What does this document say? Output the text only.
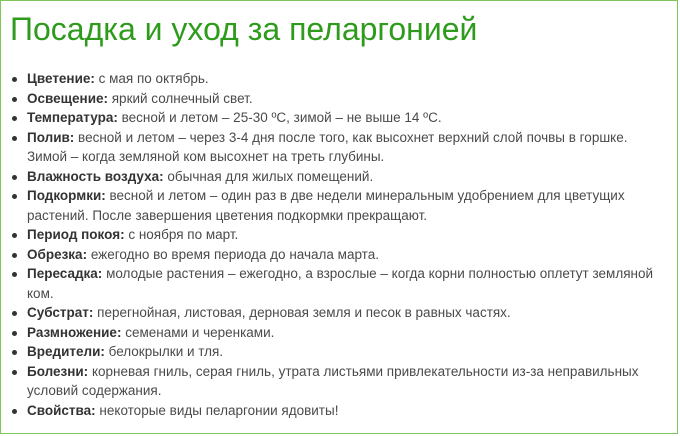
Посадка и уход за пеларгонией
Цветение: с мая по октябрь.
Освещение: яркий солнечный свет.
Температура: весной и летом – 25-30 ºС, зимой – не выше 14 ºС.
Полив: весной и летом – через 3-4 дня после того, как высохнет верхний слой почвы в горшке. Зимой – когда земляной ком высохнет на треть глубины.
Влажность воздуха: обычная для жилых помещений.
Подкормки: весной и летом – один раз в две недели минеральным удобрением для цветущих растений. После завершения цветения подкормки прекращают.
Период покоя: с ноября по март.
Обрезка: ежегодно во время периода до начала марта.
Пересадка: молодые растения – ежегодно, а взрослые – когда корни полностью оплетут земляной ком.
Субстрат: перегнойная, листовая, дерновая земля и песок в равных частях.
Размножение: семенами и черенками.
Вредители: белокрылки и тля.
Болезни: корневая гниль, серая гниль, утрата листьями привлекательности из-за неправильных условий содержания.
Свойства: некоторые виды пеларгонии ядовиты!
